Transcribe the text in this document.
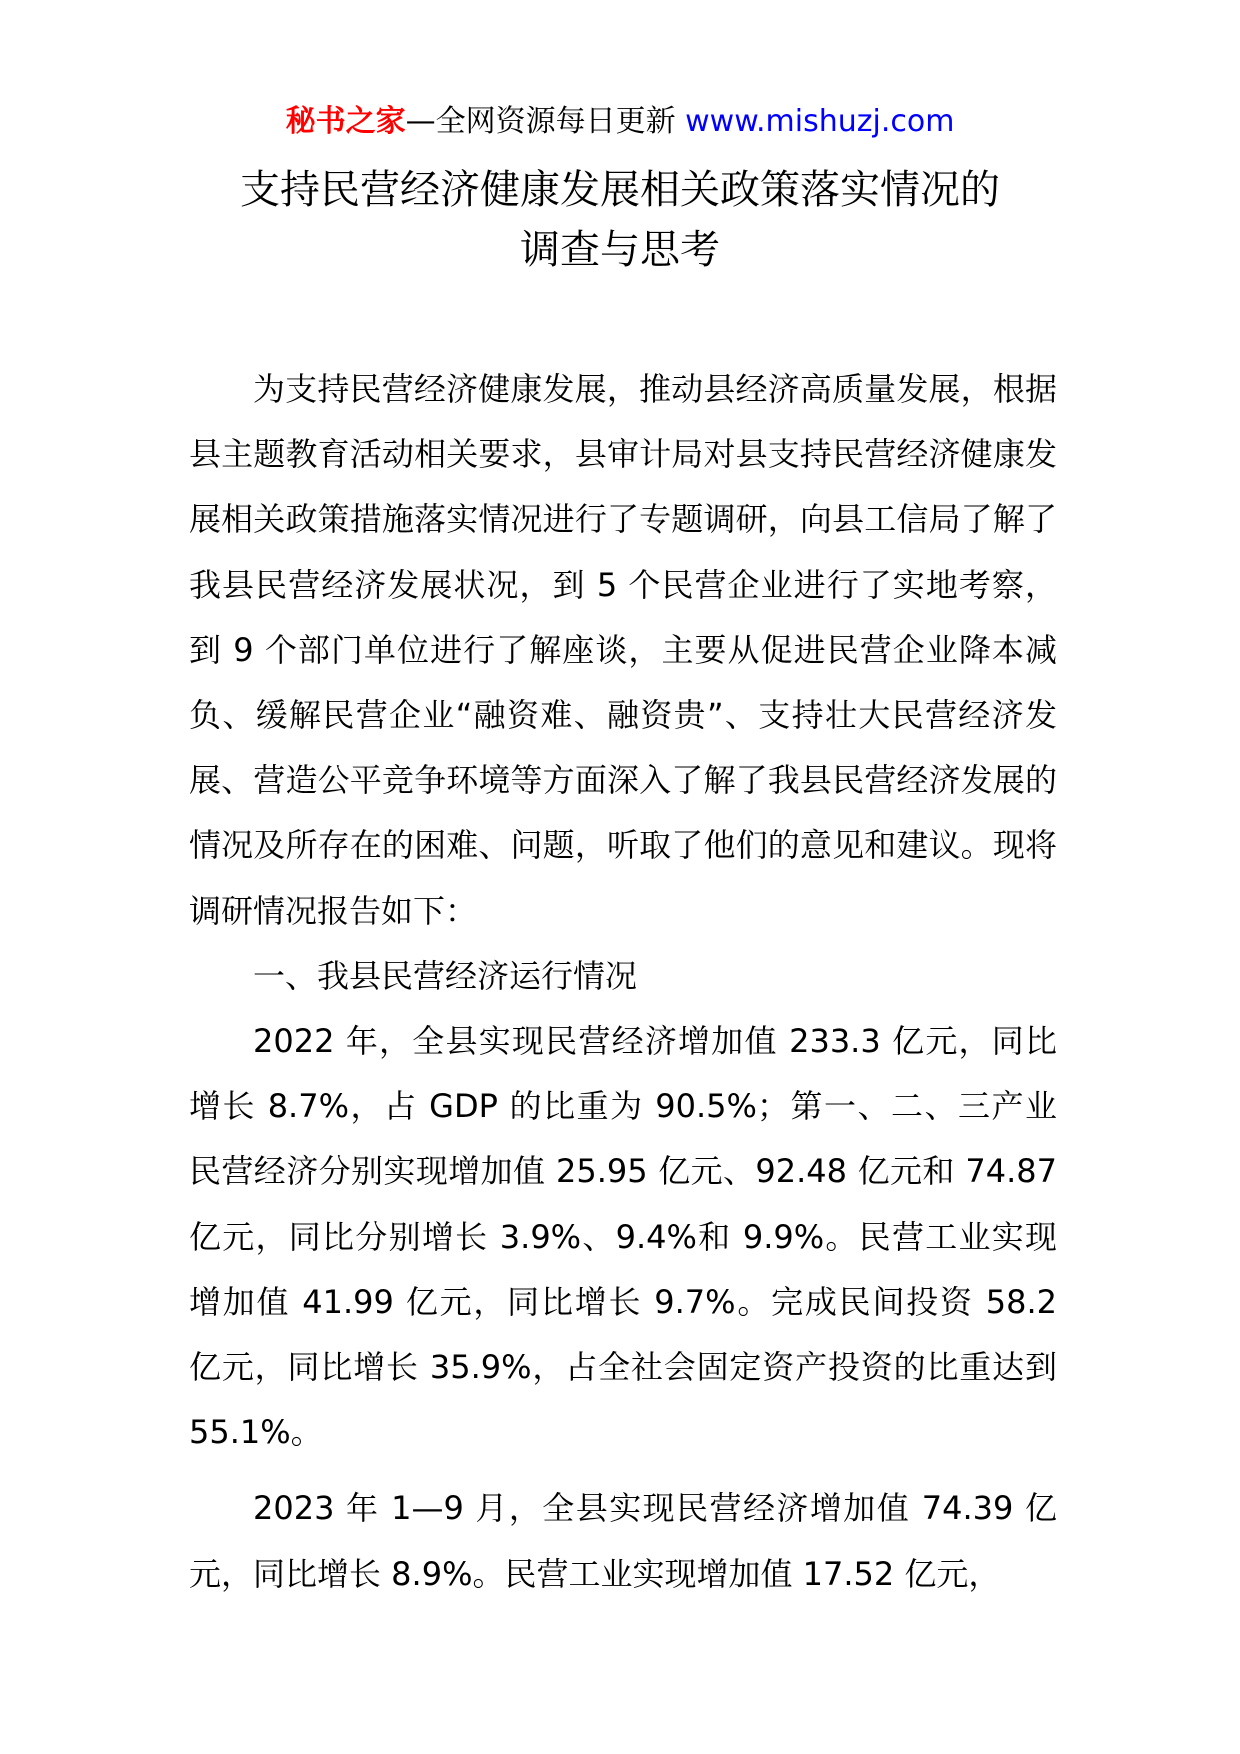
秘书之家—全网资源每日更新 www.mishuzj.com
支持民营经济健康发展相关政策落实情况的
调查与思考

为支持民营经济健康发展，推动县经济高质量发展，根据县主题教育活动相关要求，县审计局对县支持民营经济健康发展相关政策措施落实情况进行了专题调研，向县工信局了解了我县民营经济发展状况，到 5 个民营企业进行了实地考察，到 9 个部门单位进行了解座谈，主要从促进民营企业降本减负、缓解民营企业“融资难、融资贵”、支持壮大民营经济发展、营造公平竞争环境等方面深入了解了我县民营经济发展的情况及所存在的困难、问题，听取了他们的意见和建议。现将调研情况报告如下：

一、我县民营经济运行情况

2022 年，全县实现民营经济增加值 233.3 亿元，同比增长 8.7%，占 GDP 的比重为 90.5%；第一、二、三产业民营经济分别实现增加值 25.95 亿元、92.48 亿元和 74.87 亿元，同比分别增长 3.9%、9.4%和 9.9%。民营工业实现增加值 41.99 亿元，同比增长 9.7%。完成民间投资 58.2 亿元，同比增长 35.9%，占全社会固定资产投资的比重达到 55.1%。

2023 年 1—9 月，全县实现民营经济增加值 74.39 亿元，同比增长 8.9%。民营工业实现增加值 17.52 亿元，
